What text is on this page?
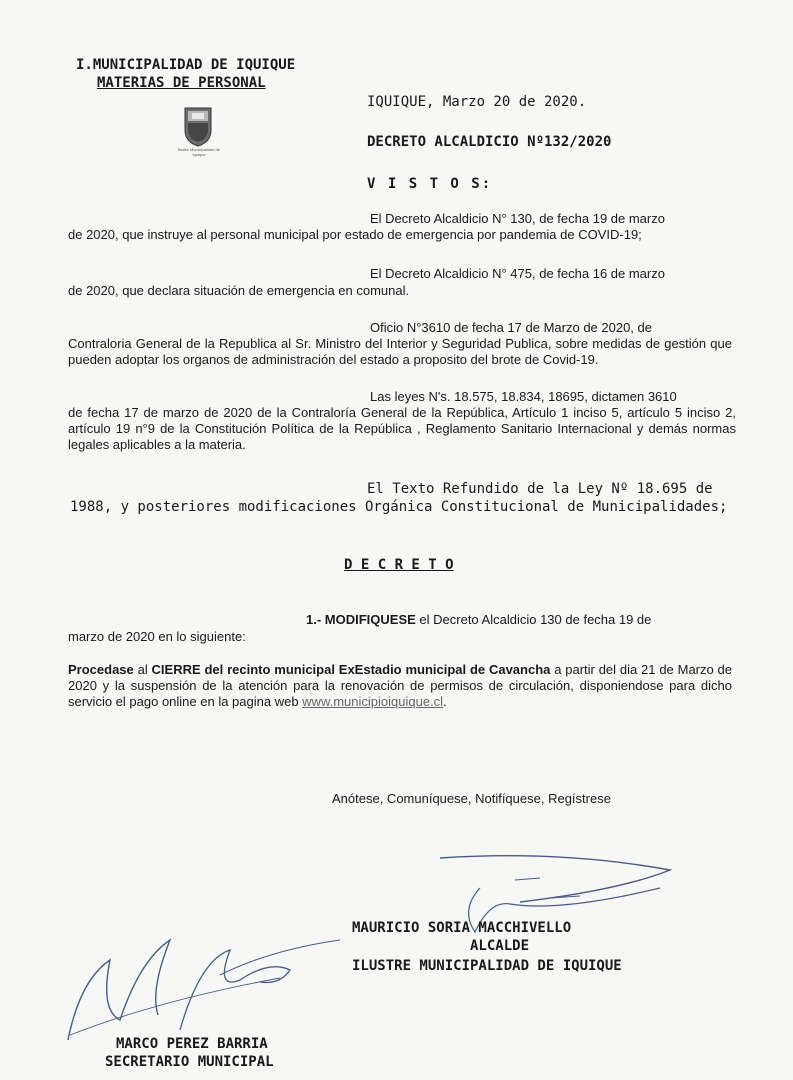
I.MUNICIPALIDAD DE IQUIQUE
MATERIAS DE PERSONAL
Ilustre Municipalidad de Iquique
IQUIQUE, Marzo 20 de 2020.
DECRETO ALCALDICIO Nº132/2020
V I S T O S:
El Decreto Alcaldicio N° 130, de fecha 19 de marzo
de 2020, que instruye al personal municipal por estado de emergencia por pandemia de COVID-19;
El Decreto Alcaldicio N° 475, de fecha 16 de marzo
de 2020, que declara situación de emergencia en comunal.
Oficio N°3610 de fecha 17 de Marzo de 2020, de
Contraloria General de la Republica al Sr. Ministro del Interior y Seguridad Publica, sobre medidas de gestión que pueden adoptar los organos de administración del estado a proposito del brote de Covid-19.
Las leyes N's. 18.575, 18.834, 18695, dictamen 3610
de fecha 17 de marzo de 2020 de la Contraloría General de la República, Artículo 1 inciso 5, artículo 5 inciso 2, artículo 19 n°9 de la Constitución Política de la República , Reglamento Sanitario Internacional y demás normas legales aplicables a la materia.
El Texto Refundido de la Ley Nº 18.695 de
1988, y posteriores modificaciones Orgánica Constitucional de Municipalidades;
D E C R E T O
1.- MODIFIQUESE el Decreto Alcaldicio 130 de fecha 19 de
marzo de 2020 en lo siguiente:
Procedase al CIERRE del recinto municipal ExEstadio municipal de Cavancha a partir del dia 21 de Marzo de 2020 y la suspensión de la atención para la renovación de permisos de circulación, disponiendose para dicho servicio el pago online en la pagina web www.municipioiquique.cl.
Anótese, Comuníquese, Notifíquese, Regístrese
MAURICIO SORIA MACCHIVELLO
ALCALDE
ILUSTRE MUNICIPALIDAD DE IQUIQUE
MARCO PEREZ BARRIA
SECRETARIO MUNICIPAL
